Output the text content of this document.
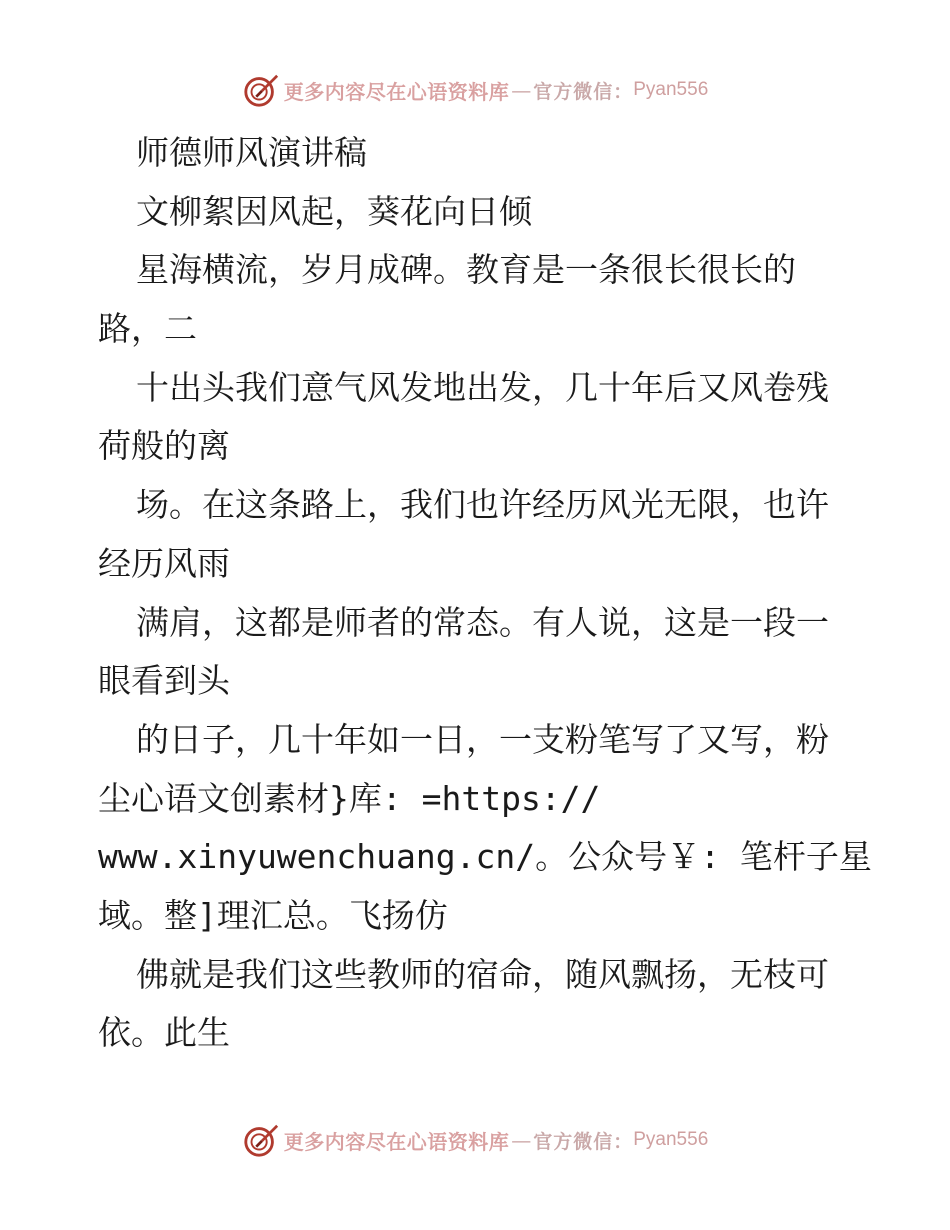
更多内容尽在心语资料库 — 官方微信： Pyan556
师德师风演讲稿
文柳絮因风起，葵花向日倾
星海横流，岁月成碑。教育是一条很长很长的
路，二
十出头我们意气风发地出发，几十年后又风卷残
荷般的离
场。在这条路上，我们也许经历风光无限，也许
经历风雨
满肩，这都是师者的常态。有人说，这是一段一
眼看到头
的日子，几十年如一日，一支粉笔写了又写，粉
尘心语文创素材}库: =https://
www.xinyuwenchuang.cn/。公众号￥: 笔杆子星
域。整]理汇总。飞扬仿
佛就是我们这些教师的宿命，随风飘扬，无枝可
依。此生
更多内容尽在心语资料库 — 官方微信： Pyan556
